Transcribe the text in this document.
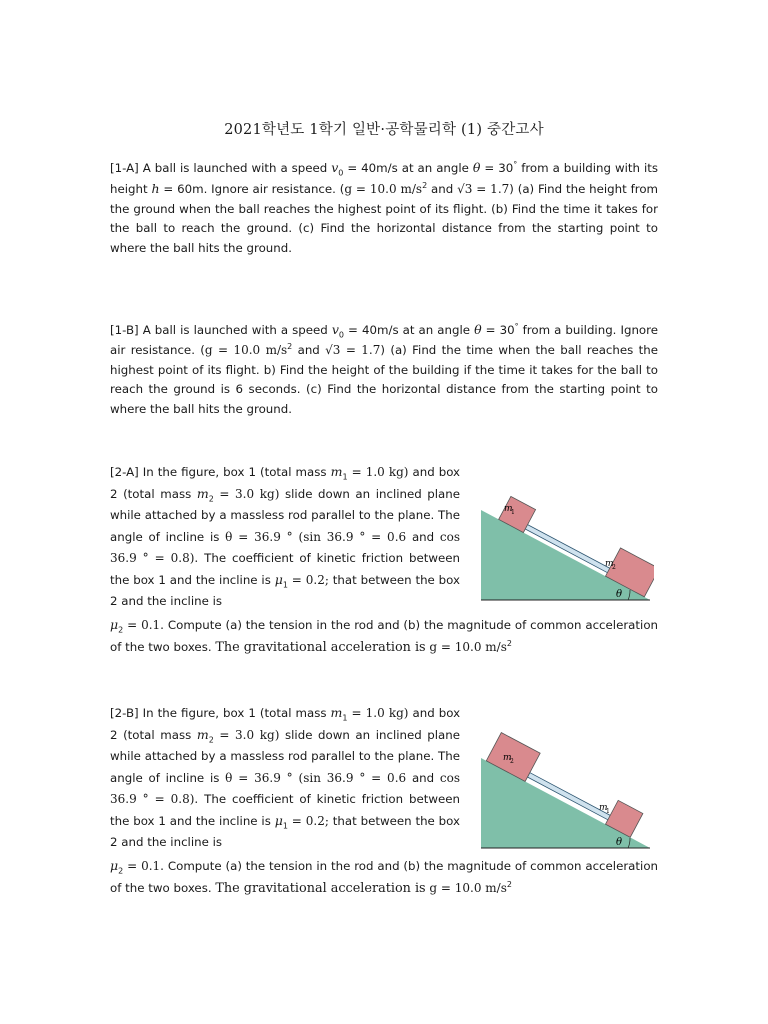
2021학년도 1학기 일반·공학물리학 (1) 중간고사

[1-A] A ball is launched with a speed $v_0 = 40m/s$ at an angle θ = 30° from a building with its height h = 60m. Ignore air resistance. (g = 10.0 $m/s^2$ and √3 = 1.7) (a) Find the height from the ground when the ball reaches the highest point of its flight. (b) Find the time it takes for the ball to reach the ground. (c) Find the horizontal distance from the starting point to where the ball hits the ground.

[1-B] A ball is launched with a speed $v_0 = 40m/s$ at an angle θ = 30° from a building. Ignore air resistance. (g = 10.0 $m/s^2$ and √3 = 1.7) (a) Find the time when the ball reaches the highest point of its flight. b) Find the height of the building if the time it takes for the ball to reach the ground is 6 seconds. (c) Find the horizontal distance from the starting point to where the ball hits the ground.

[2-A] In the figure, box 1 (total mass $m_1 = 1.0$ kg) and box 2 (total mass $m_2 = 3.0$ kg) slide down an inclined plane while attached by a massless rod parallel to the plane. The angle of incline is θ = 36.9 ° (sin 36.9 ° = 0.6 and cos 36.9 ° = 0.8). The coefficient of kinetic friction between the box 1 and the incline is $\mu_1 = 0.2$; that between the box 2 and the incline is
$\mu_2 = 0.1$. Compute (a) the tension in the rod and (b) the magnitude of common acceleration of the two boxes. The gravitational acceleration is g = 10.0 $m/s^2$
m
1
m
2
θ
[2-B] In the figure, box 1 (total mass $m_1 = 1.0$ kg) and box 2 (total mass $m_2 = 3.0$ kg) slide down an inclined plane while attached by a massless rod parallel to the plane. The angle of incline is θ = 36.9 ° (sin 36.9 ° = 0.6 and cos 36.9 ° = 0.8). The coefficient of kinetic friction between the box 1 and the incline is $\mu_1 = 0.2$; that between the box 2 and the incline is
$\mu_2 = 0.1$. Compute (a) the tension in the rod and (b) the magnitude of common acceleration of the two boxes. The gravitational acceleration is g = 10.0 $m/s^2$
m
2
m
1
θ
